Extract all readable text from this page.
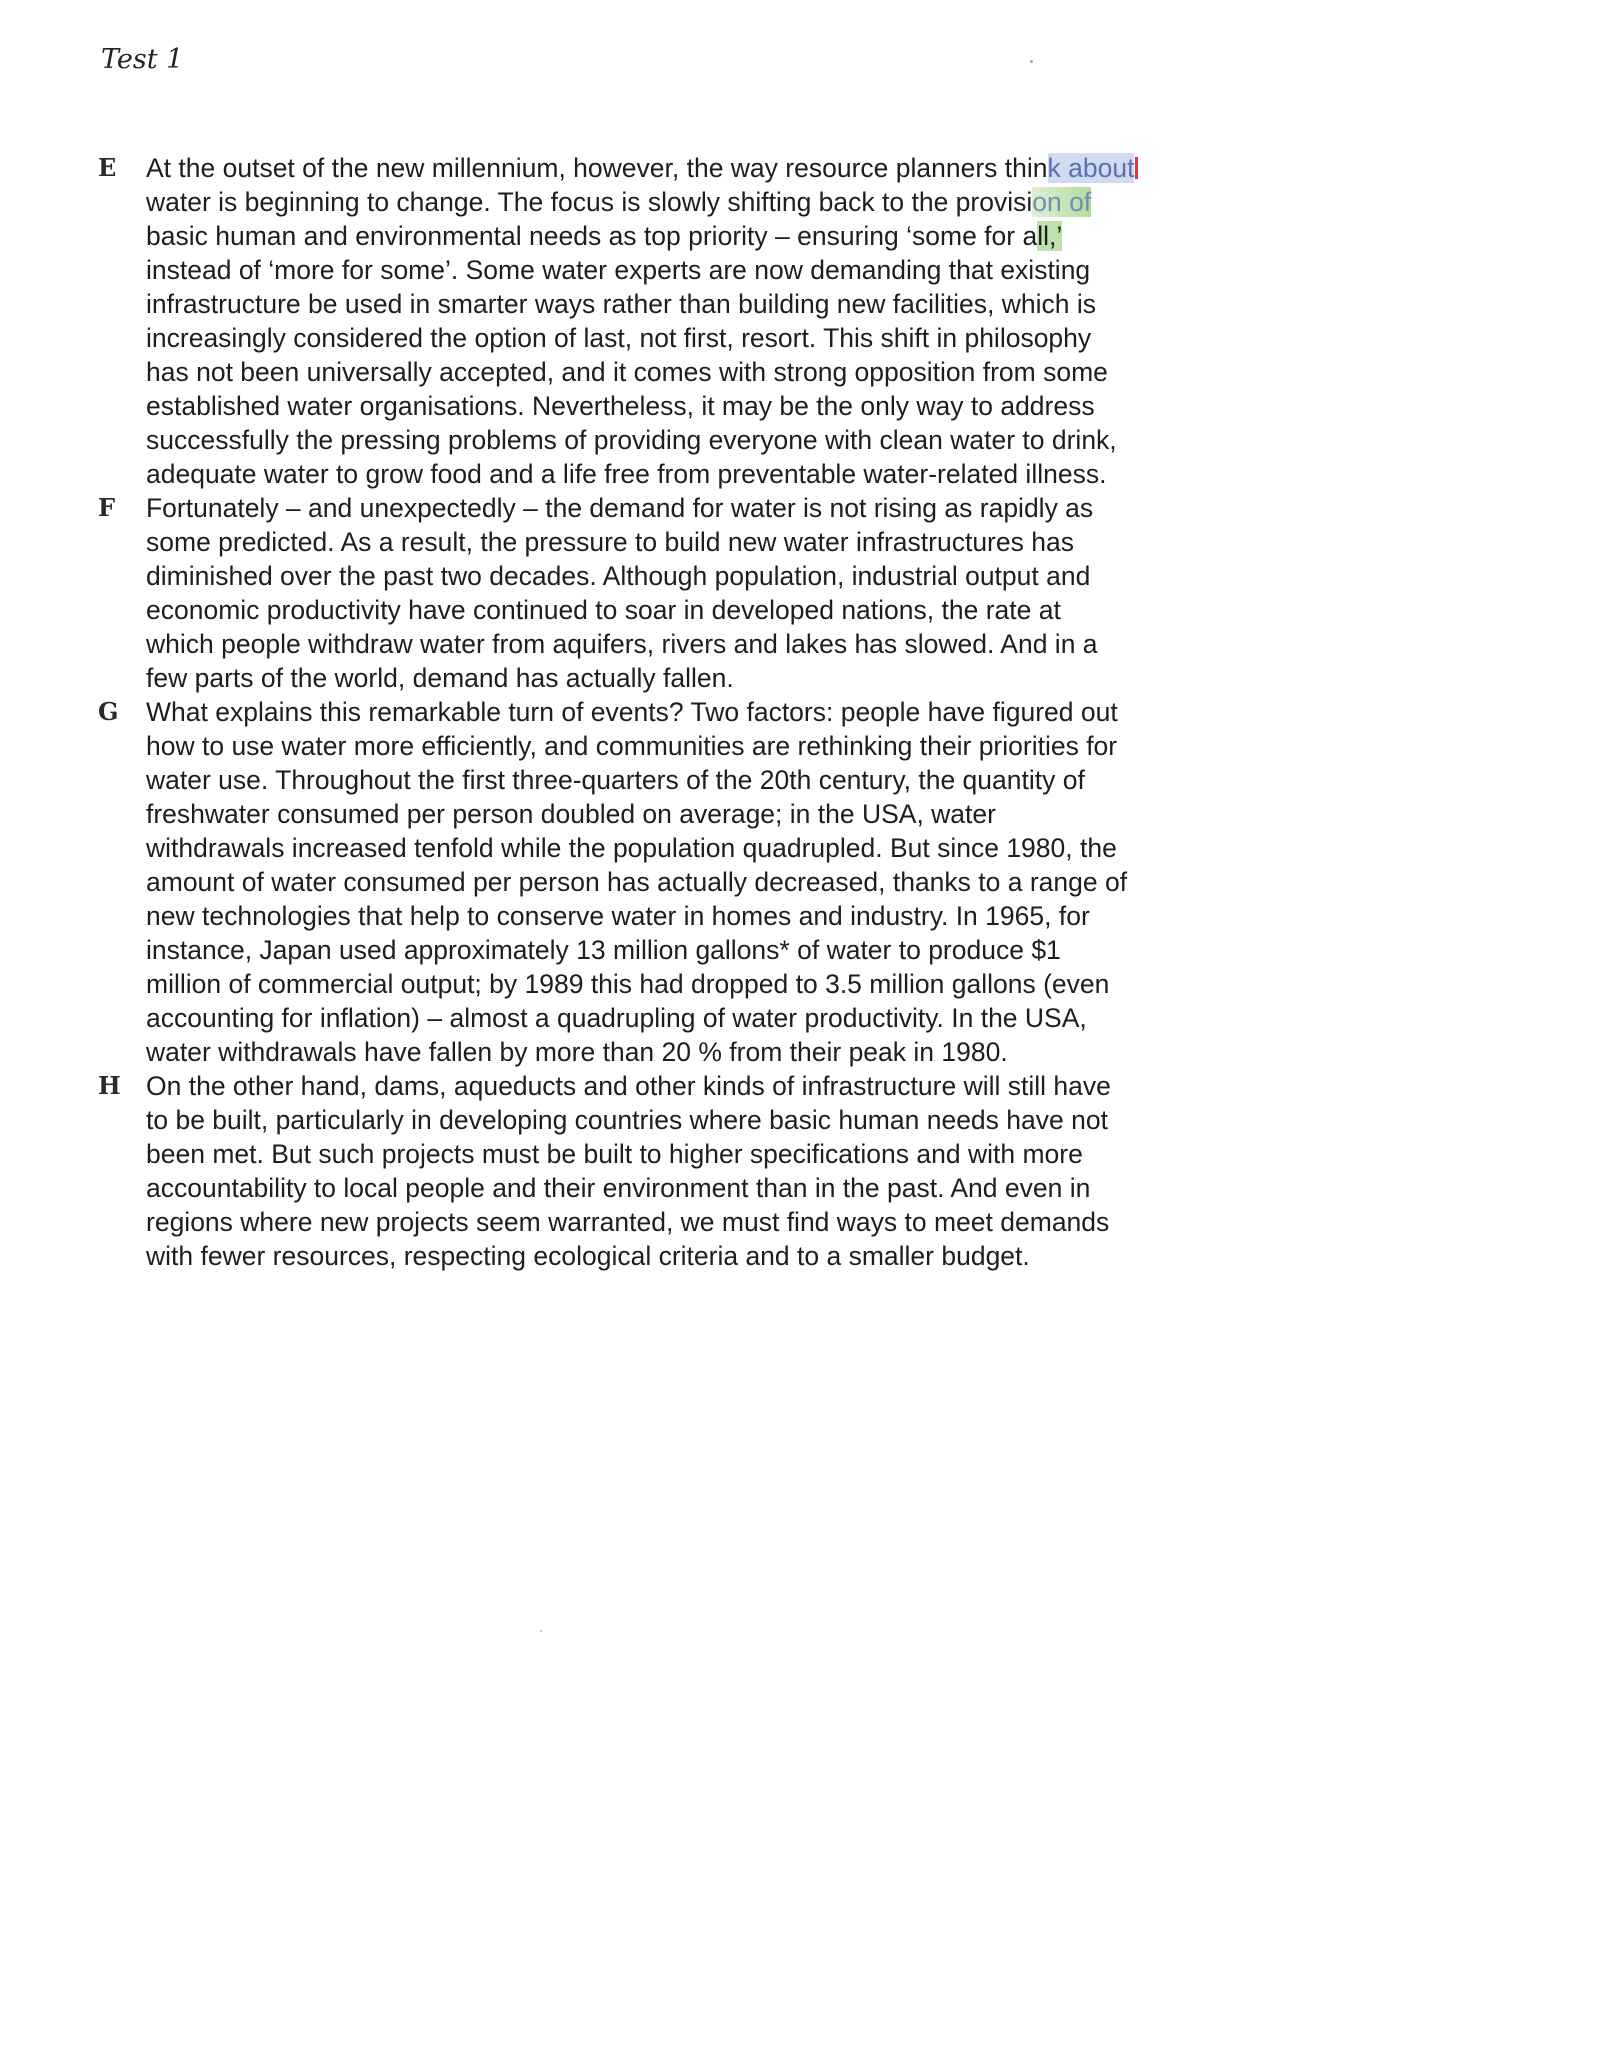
Test 1
E At the outset of the new millennium, however, the way resource planners think about
water is beginning to change. The focus is slowly shifting back to the provision of
basic human and environmental needs as top priority – ensuring ‘some for all,’
instead of ‘more for some’. Some water experts are now demanding that existing
infrastructure be used in smarter ways rather than building new facilities, which is
increasingly considered the option of last, not first, resort. This shift in philosophy
has not been universally accepted, and it comes with strong opposition from some
established water organisations. Nevertheless, it may be the only way to address
successfully the pressing problems of providing everyone with clean water to drink,
adequate water to grow food and a life free from preventable water-related illness.
F Fortunately – and unexpectedly – the demand for water is not rising as rapidly as
some predicted. As a result, the pressure to build new water infrastructures has
diminished over the past two decades. Although population, industrial output and
economic productivity have continued to soar in developed nations, the rate at
which people withdraw water from aquifers, rivers and lakes has slowed. And in a
few parts of the world, demand has actually fallen.
G What explains this remarkable turn of events? Two factors: people have figured out
how to use water more efficiently, and communities are rethinking their priorities for
water use. Throughout the first three-quarters of the 20th century, the quantity of
freshwater consumed per person doubled on average; in the USA, water
withdrawals increased tenfold while the population quadrupled. But since 1980, the
amount of water consumed per person has actually decreased, thanks to a range of
new technologies that help to conserve water in homes and industry. In 1965, for
instance, Japan used approximately 13 million gallons* of water to produce $1
million of commercial output; by 1989 this had dropped to 3.5 million gallons (even
accounting for inflation) – almost a quadrupling of water productivity. In the USA,
water withdrawals have fallen by more than 20 % from their peak in 1980.
H On the other hand, dams, aqueducts and other kinds of infrastructure will still have
to be built, particularly in developing countries where basic human needs have not
been met. But such projects must be built to higher specifications and with more
accountability to local people and their environment than in the past. And even in
regions where new projects seem warranted, we must find ways to meet demands
with fewer resources, respecting ecological criteria and to a smaller budget.
